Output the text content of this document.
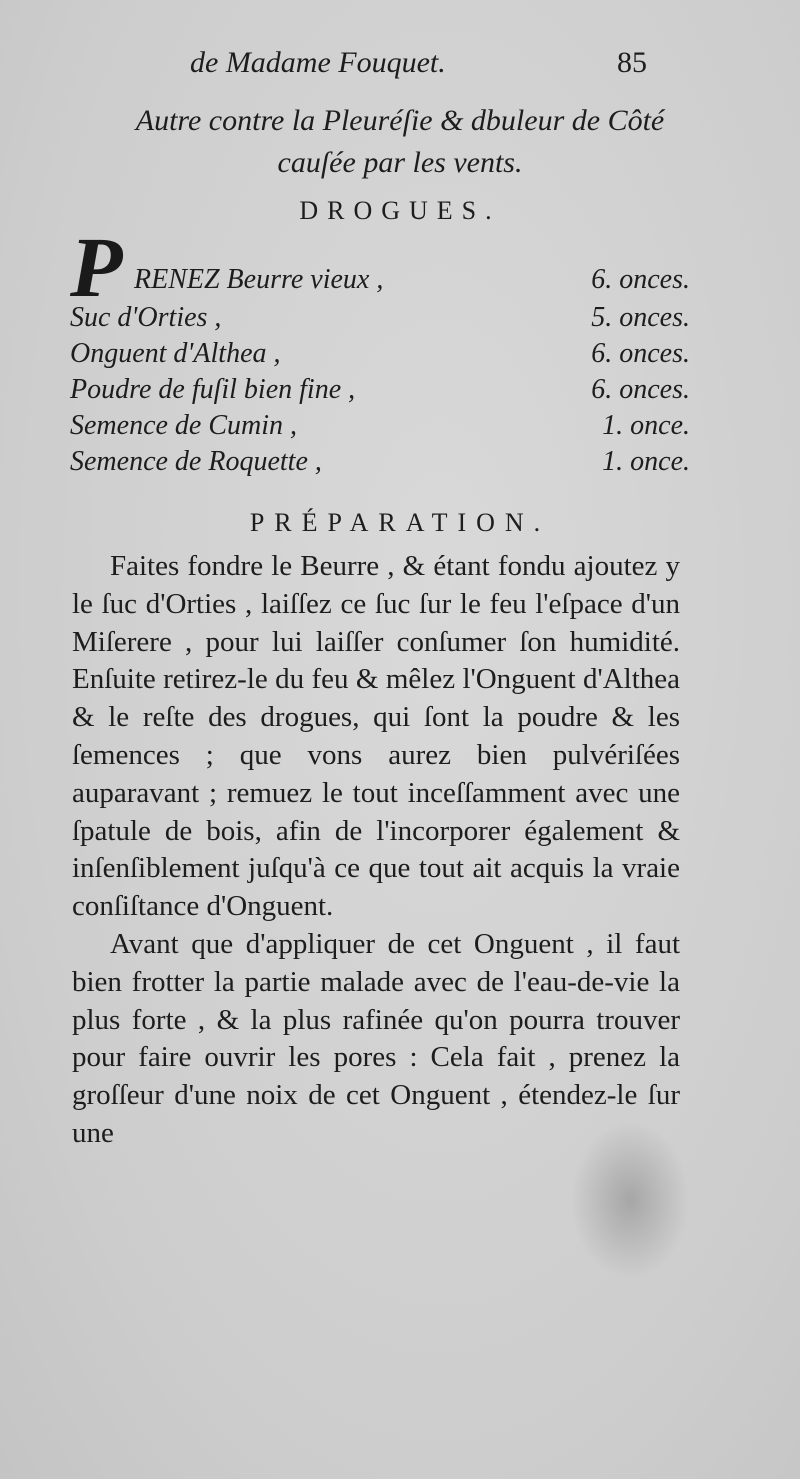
de Madame Fouquet.	85
Autre contre la Pleuréſie & dbuleur de Côté
cauſée par les vents.
DROGUES.
P RENEZ Beurre vieux ,	6. onces.
Suc d'Orties ,	5. onces.
Onguent d'Althea ,	6. onces.
Poudre de fuſil bien fine ,	6. onces.
Semence de Cumin ,	1. once.
Semence de Roquette ,	1. once.
PRÉPARATION.

Faites fondre le Beurre , & étant fondu ajoutez y le ſuc d'Orties , laiſſez ce ſuc ſur le feu l'eſpace d'un Miſerere , pour lui laiſſer conſumer ſon humidité. Enſuite retirez-le du feu & mêlez l'Onguent d'Althea & le reſte des drogues, qui ſont la poudre & les ſemences ; que vons aurez bien pulvériſées auparavant ; remuez le tout inceſſamment avec une ſpatule de bois, afin de l'incorporer également & inſenſiblement juſqu'à ce que tout ait acquis la vraie conſiſtance d'Onguent.

Avant que d'appliquer de cet Onguent , il faut bien frotter la partie malade avec de l'eau-de-vie la plus forte , & la plus rafinée qu'on pourra trouver pour faire ouvrir les pores : Cela fait , prenez la groſſeur d'une noix de cet Onguent , étendez-le ſur une
